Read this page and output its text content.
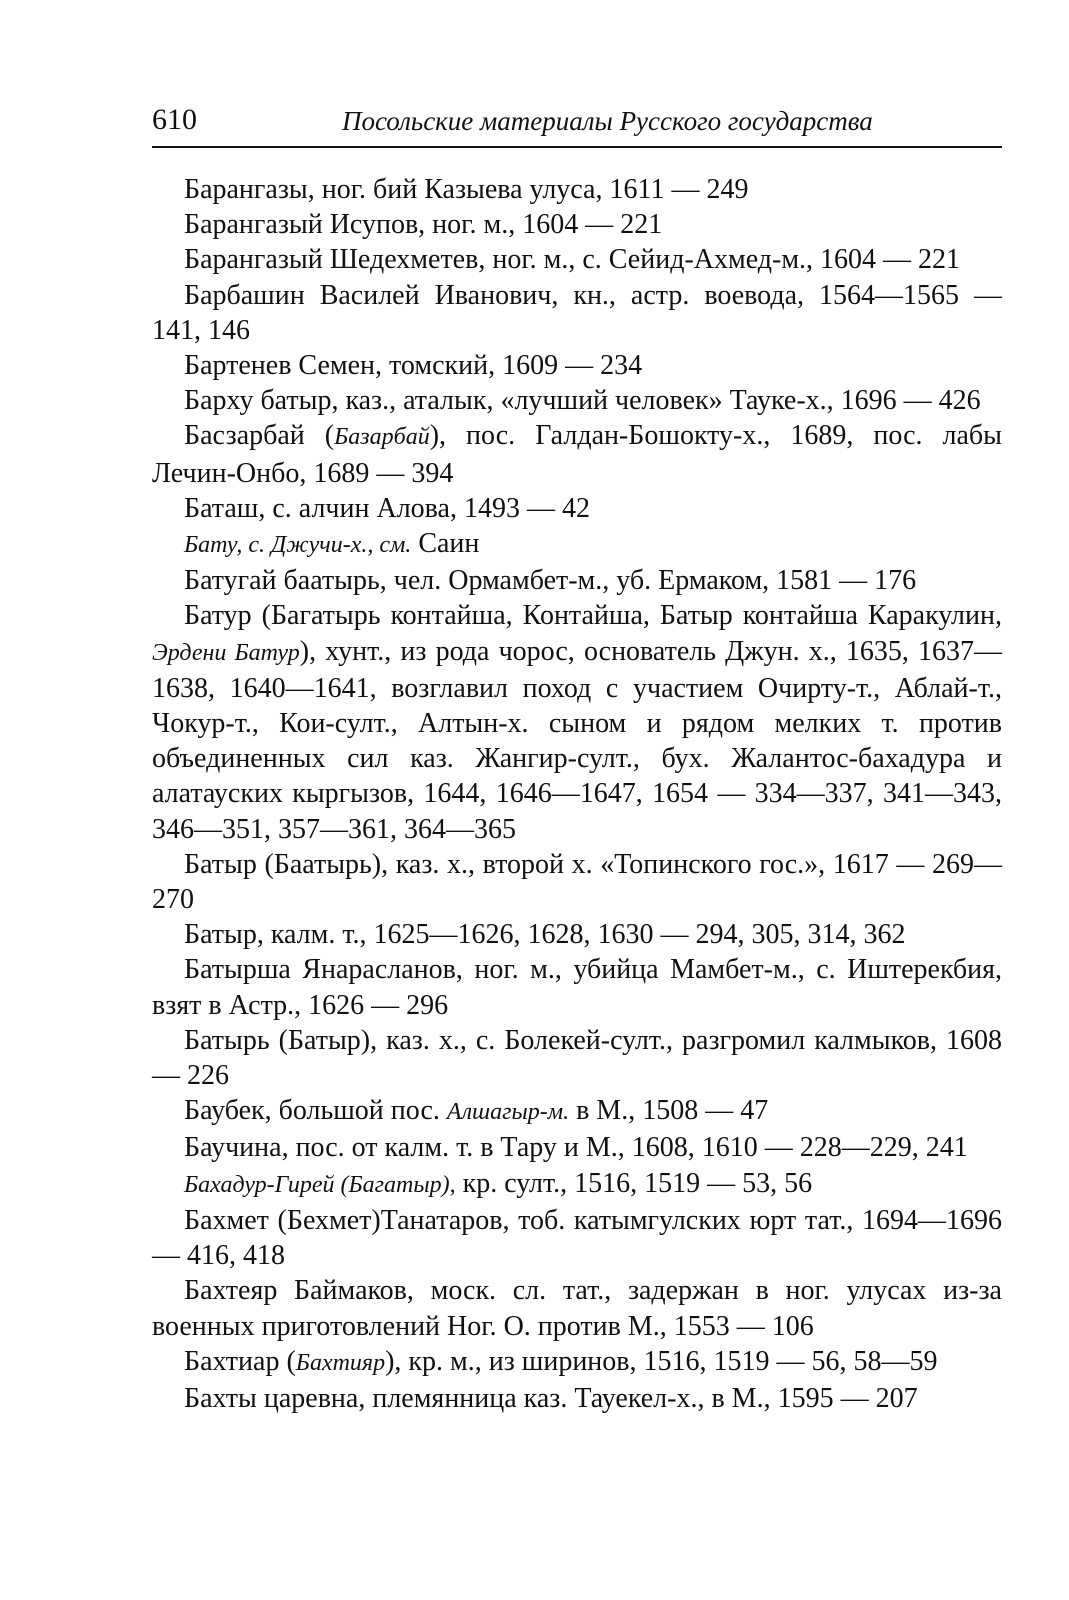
610	Посольские материалы Русского государства

Барангазы, ног. бий Казыева улуса, 1611 — 249

Барангазый Исупов, ног. м., 1604 — 221

Барангазый Шедехметев, ног. м., с. Сейид-Ахмед-м., 1604 — 221

Барбашин Василей Иванович, кн., астр. воевода, 1564—1565 — 141, 146

Бартенев Семен, томский, 1609 — 234

Барху батыр, каз., аталык, «лучший человек» Тауке-х., 1696 — 426

Басзарбай (Базарбай), пос. Галдан-Бошокту-х., 1689, пос. лабы Лечин-Онбо, 1689 — 394

Баташ, с. алчин Алова, 1493 — 42

Бату, с. Джучи-х., см. Саин

Батугай баатырь, чел. Ормамбет-м., уб. Ермаком, 1581 — 176

Батур (Багатырь контайша, Контайша, Батыр контайша Каракулин, Эрдени Батур), хунт., из рода чорос, основатель Джун. х., 1635, 1637—1638, 1640—1641, возглавил поход с участием Очирту-т., Аблай-т., Чокур-т., Кои-султ., Алтын-х. сыном и рядом мелких т. против объединенных сил каз. Жангир-султ., бух. Жалантос-бахадура и алатауских кыргызов, 1644, 1646—1647, 1654 — 334—337, 341—343, 346—351, 357—361, 364—365

Батыр (Баатырь), каз. х., второй х. «Топинского гос.», 1617 — 269—270

Батыр, калм. т., 1625—1626, 1628, 1630 — 294, 305, 314, 362

Батырша Янарасланов, ног. м., убийца Мамбет-м., с. Иштерекбия, взят в Астр., 1626 — 296

Батырь (Батыр), каз. х., с. Болекей-султ., разгромил калмыков, 1608 — 226

Баубек, большой пос. Алшагыр-м. в М., 1508 — 47

Баучина, пос. от калм. т. в Тару и М., 1608, 1610 — 228—229, 241

Бахадур-Гирей (Багатыр), кр. султ., 1516, 1519 — 53, 56

Бахмет (Бехмет)Танатаров, тоб. катымгулских юрт тат., 1694—1696 — 416, 418

Бахтеяр Баймаков, моск. сл. тат., задержан в ног. улусах из-за военных приготовлений Ног. О. против М., 1553 — 106

Бахтиар (Бахтияр), кр. м., из ширинов, 1516, 1519 — 56, 58—59

Бахты царевна, племянница каз. Тауекел-х., в М., 1595 — 207
